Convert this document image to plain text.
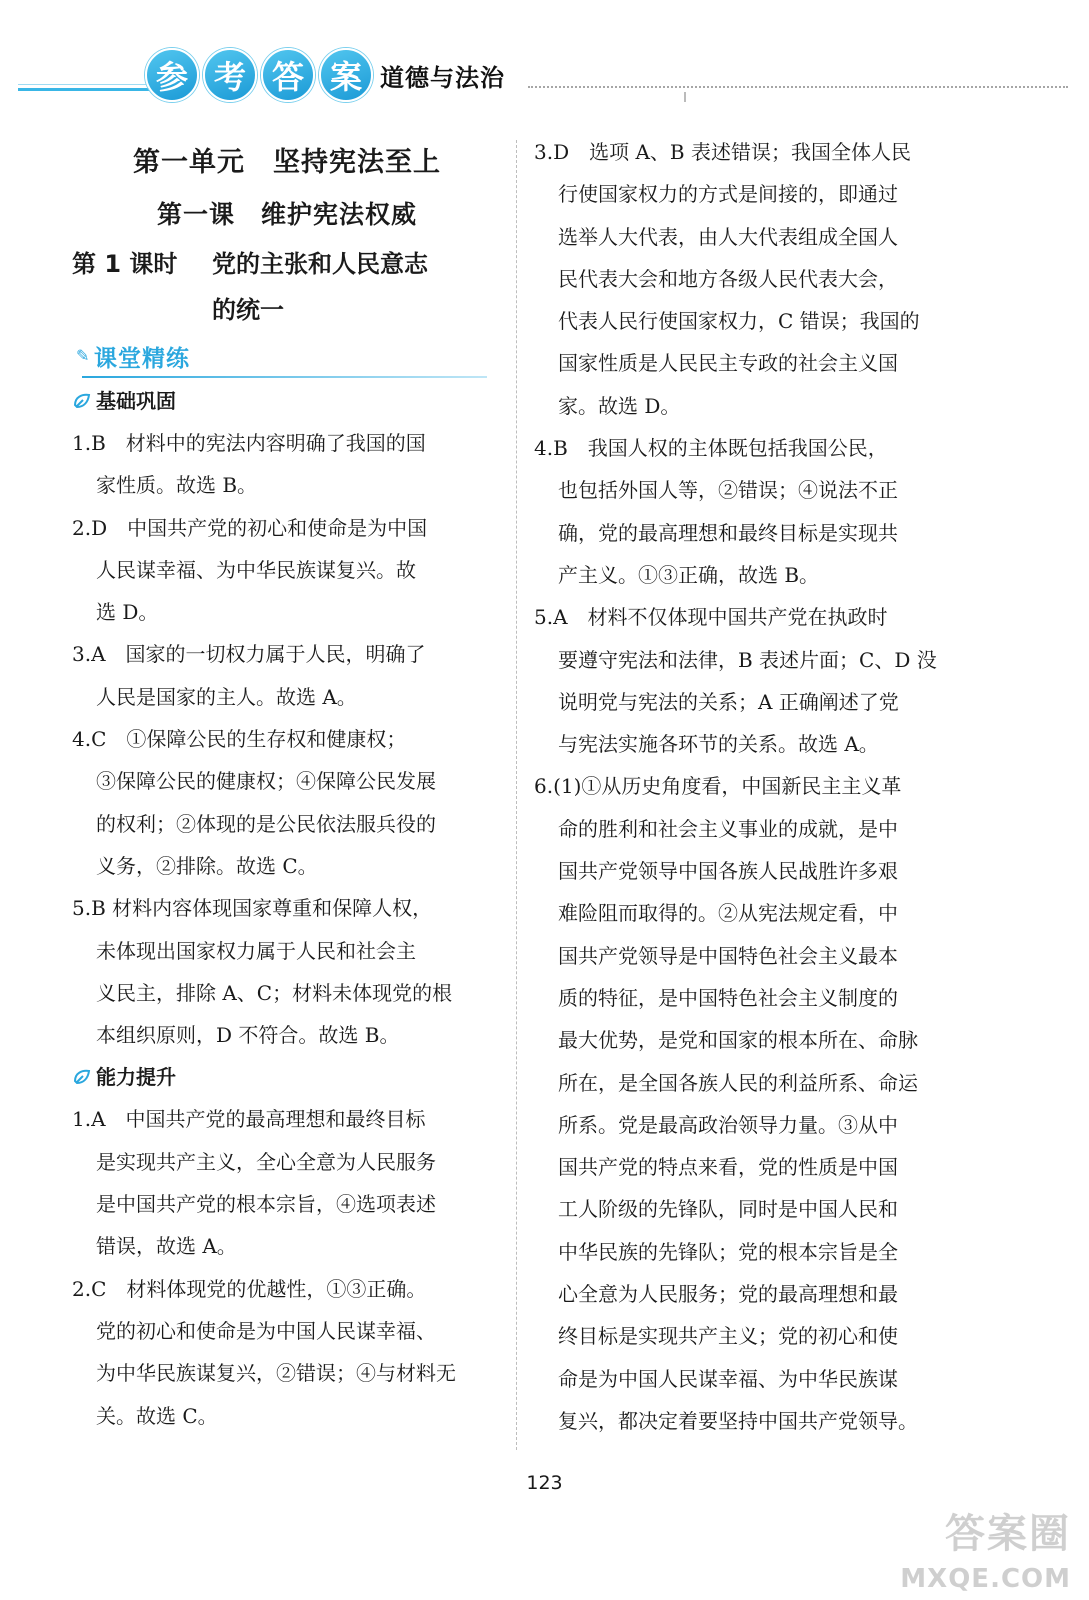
参 考 答 案 道德与法治
第一单元　坚持宪法至上
第一课　维护宪法权威
第 1 课时 党的主张和人民意志
的统一
✎ 课堂精练
基础巩固
1.B　材料中的宪法内容明确了我国的国
家性质。故选 B。
2.D　中国共产党的初心和使命是为中国
人民谋幸福、为中华民族谋复兴。故
选 D。
3.A　国家的一切权力属于人民，明确了
人民是国家的主人。故选 A。
4.C　①保障公民的生存权和健康权；
③保障公民的健康权；④保障公民发展
的权利；②体现的是公民依法服兵役的
义务，②排除。故选 C。
5.B 材料内容体现国家尊重和保障人权，
未体现出国家权力属于人民和社会主
义民主，排除 A、C；材料未体现党的根
本组织原则，D 不符合。故选 B。
能力提升
1.A　中国共产党的最高理想和最终目标
是实现共产主义，全心全意为人民服务
是中国共产党的根本宗旨，④选项表述
错误，故选 A。
2.C　材料体现党的优越性，①③正确。
党的初心和使命是为中国人民谋幸福、
为中华民族谋复兴，②错误；④与材料无
关。故选 C。
3.D　选项 A、B 表述错误；我国全体人民
行使国家权力的方式是间接的，即通过
选举人大代表，由人大代表组成全国人
民代表大会和地方各级人民代表大会，
代表人民行使国家权力，C 错误；我国的
国家性质是人民民主专政的社会主义国
家。故选 D。
4.B　我国人权的主体既包括我国公民，
也包括外国人等，②错误；④说法不正
确，党的最高理想和最终目标是实现共
产主义。①③正确，故选 B。
5.A　材料不仅体现中国共产党在执政时
要遵守宪法和法律，B 表述片面；C、D 没
说明党与宪法的关系；A 正确阐述了党
与宪法实施各环节的关系。故选 A。
6.(1)①从历史角度看，中国新民主主义革
命的胜利和社会主义事业的成就，是中
国共产党领导中国各族人民战胜许多艰
难险阻而取得的。②从宪法规定看，中
国共产党领导是中国特色社会主义最本
质的特征，是中国特色社会主义制度的
最大优势，是党和国家的根本所在、命脉
所在，是全国各族人民的利益所系、命运
所系。党是最高政治领导力量。③从中
国共产党的特点来看，党的性质是中国
工人阶级的先锋队，同时是中国人民和
中华民族的先锋队；党的根本宗旨是全
心全意为人民服务；党的最高理想和最
终目标是实现共产主义；党的初心和使
命是为中国人民谋幸福、为中华民族谋
复兴，都决定着要坚持中国共产党领导。
123
答案圈
MXQE.COM
